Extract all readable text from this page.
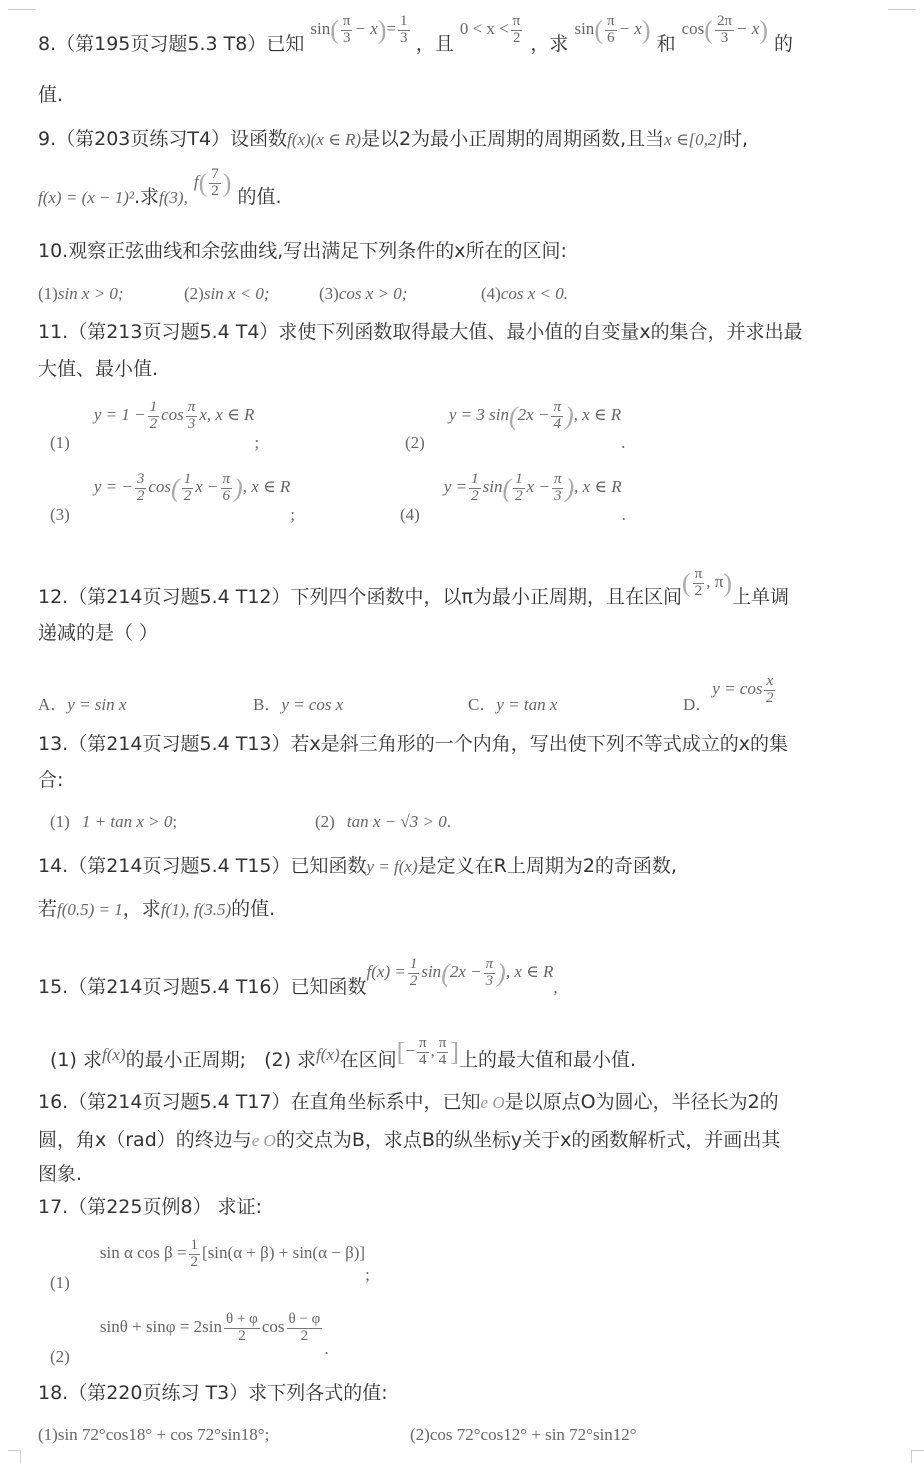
8.（第195页习题5.3 T8）已知 $\sin( \frac{\pi}{3} - x)= \frac{1}{3}$ ，且 $0 < x < \frac{\pi}{2}$ ，求 $\sin( \frac{\pi}{6} - x)$ 和 $\cos( \frac{2\pi}{3} - x)$ 的
值.
9.（第203页练习T4）设函数f(x)(x ∈ R)是以2为最小正周期的周期函数,且当x ∈[0,2]时,
f(x) = (x − 1)².求f(3), $f( \frac{7}{2}$ ) 的值.
10.观察正弦曲线和余弦曲线,写出满足下列条件的x所在的区间:
(1)sin x > 0;	(2)sin x < 0;	(3)cos x > 0;	(4)cos x < 0.
11.（第213页习题5.4 T4）求使下列函数取得最大值、最小值的自变量x的集合，并求出最
大值、最小值.
(1) $y = 1 - \frac{1}{2}$ $\cos \frac{\pi}{3} x$, x ∈ R;	(2) y = 3 $\sin(2x - \frac{\pi}{4}$ ), x ∈ R.
(3) y = − $\frac{3}{2} \cos( \frac{1}{2}$ $x - \frac{\pi}{6}$ ), x ∈ R;	(4) $y = \frac{1}{2} \sin( \frac{1}{2}$ $x - \frac{\pi}{3}$ ), x ∈ R.
12.（第214页习题5.4 T12）下列四个函数中，以π为最小正周期，且在区间( $\frac{\pi}{2}$ , π)上单调
递减的是（ ）
A．y = sin x	B．y = cos x	C．y = tan x	D．$y = \cos \frac{x}{2}$
13.（第214页习题5.4 T13）若x是斜三角形的一个内角，写出使下列不等式成立的x的集
合:
(1) 1 + tan x > 0;	(2) tan x − √3 > 0.
14.（第214页习题5.4 T15）已知函数y = f(x)是定义在R上周期为2的奇函数,
若f(0.5) = 1，求f(1), f(3.5)的值.
15.（第214页习题5.4 T16）已知函数$f(x) = \frac{1}{2} \sin(2x - \frac{\pi}{3}$ ), x ∈ R,
(1) 求f(x)的最小正周期; (2) 求f(x)在区间[− $\frac{\pi}{4}$ , $\frac{\pi}{4}$ ]上的最大值和最小值.
16.（第214页习题5.4 T17）在直角坐标系中，已知e O是以原点O为圆心，半径长为2的
圆，角x（rad）的终边与e O的交点为B，求点B的纵坐标y关于x的函数解析式，并画出其
图象.
17.（第225页例8） 求证:
(1) sin α $\cos \beta = \frac{1}{2} [\sin(\alpha + \beta) + \sin(\alpha - \beta)]$;
(2) $\sin\theta + \sin\varphi = 2\sin \frac{\theta + \varphi}{2}$ $\cos \frac{\theta - \varphi}{2}$
.
18.（第220页练习 T3）求下列各式的值:
(1)sin 72°cos18° + cos 72°sin18°;	(2)cos 72°cos12° + sin 72°sin12°
